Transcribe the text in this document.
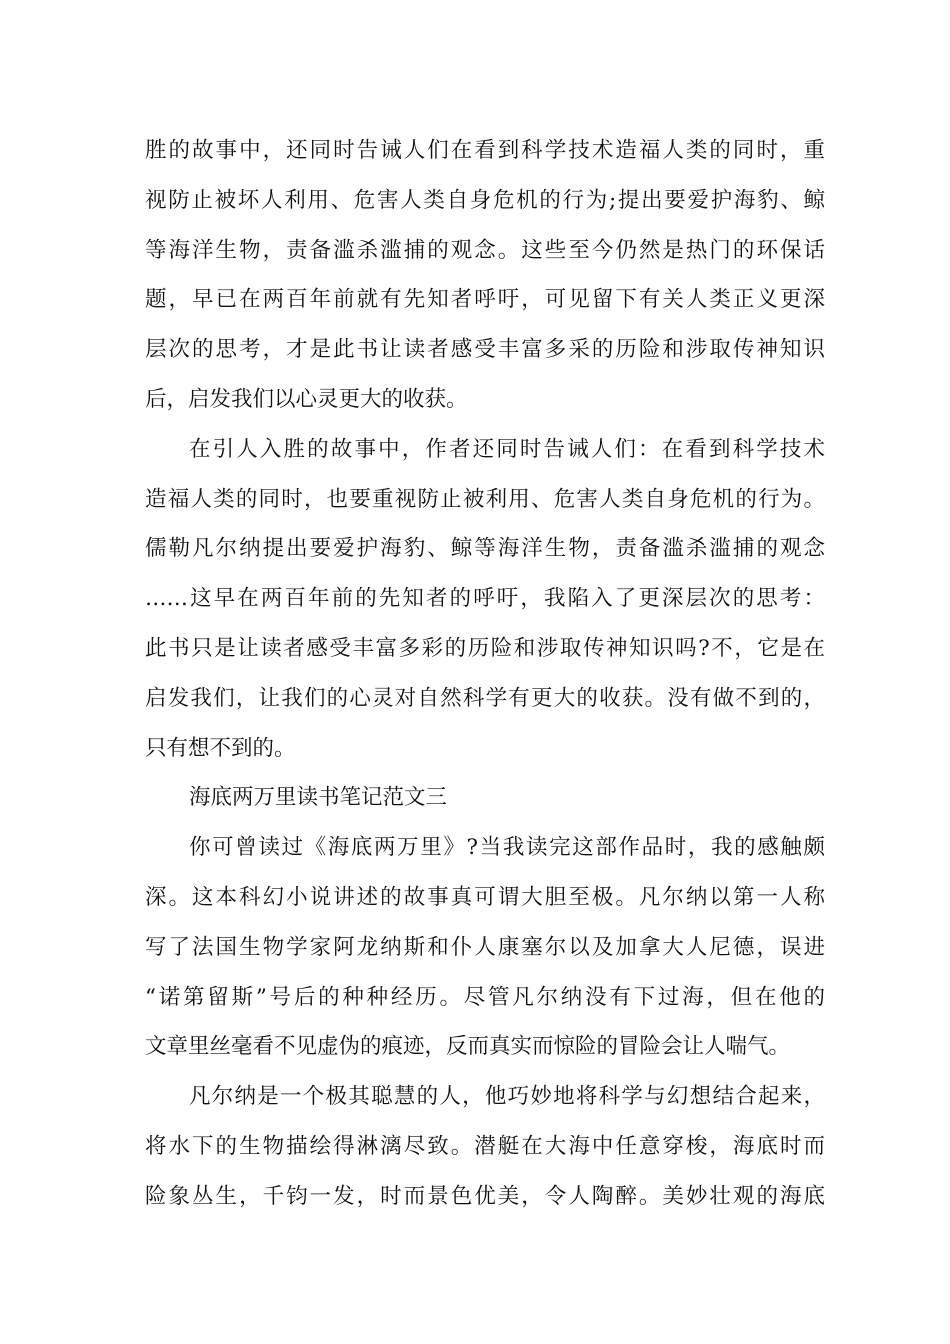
胜的故事中，还同时告诫人们在看到科学技术造福人类的同时，重
视防止被坏人利用、危害人类自身危机的行为;提出要爱护海豹、鲸
等海洋生物，责备滥杀滥捕的观念。这些至今仍然是热门的环保话
题，早已在两百年前就有先知者呼吁，可见留下有关人类正义更深
层次的思考，才是此书让读者感受丰富多采的历险和涉取传神知识
后，启发我们以心灵更大的收获。
在引人入胜的故事中，作者还同时告诫人们：在看到科学技术
造福人类的同时，也要重视防止被利用、危害人类自身危机的行为。
儒勒凡尔纳提出要爱护海豹、鲸等海洋生物，责备滥杀滥捕的观念
……这早在两百年前的先知者的呼吁，我陷入了更深层次的思考：
此书只是让读者感受丰富多彩的历险和涉取传神知识吗?不，它是在
启发我们，让我们的心灵对自然科学有更大的收获。没有做不到的，
只有想不到的。
海底两万里读书笔记范文三
你可曾读过《海底两万里》?当我读完这部作品时，我的感触颇
深。这本科幻小说讲述的故事真可谓大胆至极。凡尔纳以第一人称
写了法国生物学家阿龙纳斯和仆人康塞尔以及加拿大人尼德，误进
“诺第留斯”号后的种种经历。尽管凡尔纳没有下过海，但在他的
文章里丝毫看不见虚伪的痕迹，反而真实而惊险的冒险会让人喘气。
凡尔纳是一个极其聪慧的人，他巧妙地将科学与幻想结合起来，
将水下的生物描绘得淋漓尽致。潜艇在大海中任意穿梭，海底时而
险象丛生，千钧一发，时而景色优美，令人陶醉。美妙壮观的海底
